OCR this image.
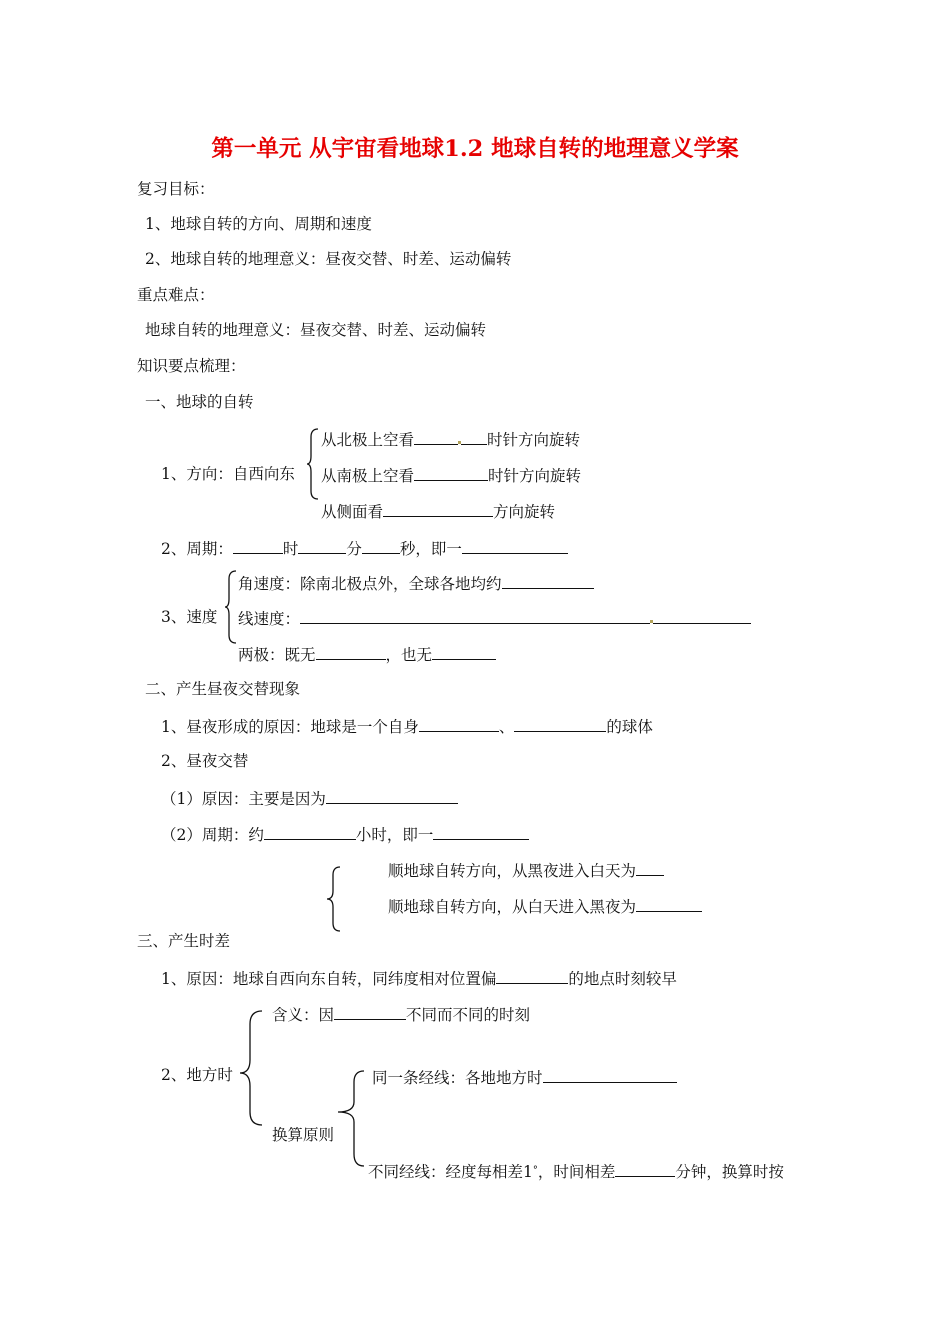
第一单元 从宇宙看地球1.2 地球自转的地理意义学案
复习目标：
1、地球自转的方向、周期和速度
2、地球自转的地理意义：昼夜交替、时差、运动偏转
重点难点：
地球自转的地理意义：昼夜交替、时差、运动偏转
知识要点梳理：
一、地球的自转
1、方向：自西向东
从北极上空看	时针方向旋转
从南极上空看	时针方向旋转
从侧面看	方向旋转
2、周期：	时	分 秒，即一
3、速度
角速度：除南北极点外，全球各地均约
线速度：
两极：既无	，也无
二、产生昼夜交替现象
1、昼夜形成的原因：地球是一个自身	、	的球体
2、昼夜交替
（1）原因：主要是因为
（2）周期：约	小时，即一
顺地球自转方向，从黑夜进入白天为
顺地球自转方向，从白天进入黑夜为
三、产生时差
1、原因：地球自西向东自转，同纬度相对位置偏	的地点时刻较早
2、地方时
含义：因	不同而不同的时刻
同一条经线：各地地方时
换算原则
不同经线：经度每相差1°，时间相差	分钟，换算时按
